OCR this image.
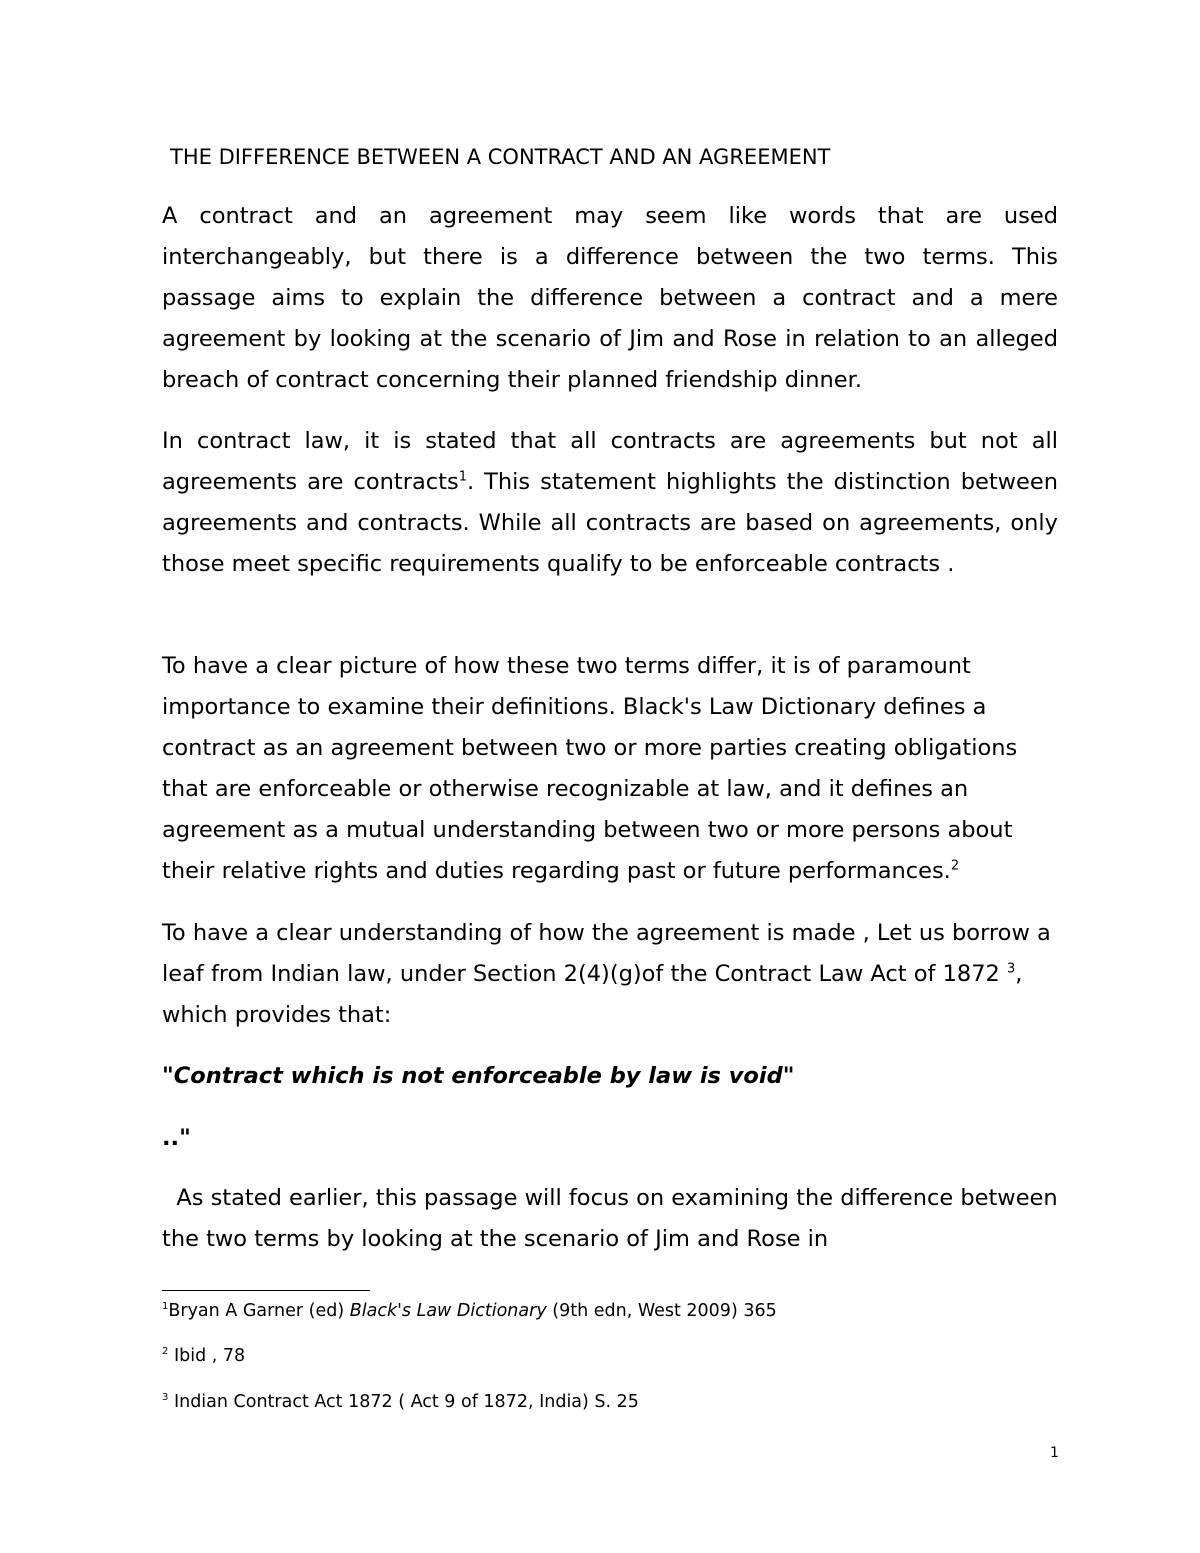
THE DIFFERENCE BETWEEN A CONTRACT AND AN AGREEMENT

A contract and an agreement may seem like words that are used interchangeably, but there is a difference between the two terms. This passage aims to explain the difference between a contract and a mere agreement by looking at the scenario of Jim and Rose in relation to an alleged breach of contract concerning their planned friendship dinner.

In contract law, it is stated that all contracts are agreements but not all agreements are contracts$^1$. This statement highlights the distinction between agreements and contracts. While all contracts are based on agreements, only those meet specific requirements qualify to be enforceable contracts .

To have a clear picture of how these two terms differ, it is of paramount importance to examine their definitions. Black's Law Dictionary defines a contract as an agreement between two or more parties creating obligations that are enforceable or otherwise recognizable at law, and it defines an agreement as a mutual understanding between two or more persons about their relative rights and duties regarding past or future performances.$^2$

To have a clear understanding of how the agreement is made , Let us borrow a leaf from Indian law, under Section 2(4)(g)of the Contract Law Act of 1872 $^3$, which provides that:

"Contract which is not enforceable by law is void"
.."

As stated earlier, this passage will focus on examining the difference between the two terms by looking at the scenario of Jim and Rose in

$^1$Bryan A Garner (ed) Black's Law Dictionary (9th edn, West 2009) 365
$^2$ Ibid , 78
$^3$ Indian Contract Act 1872 ( Act 9 of 1872, India) S. 25
1
